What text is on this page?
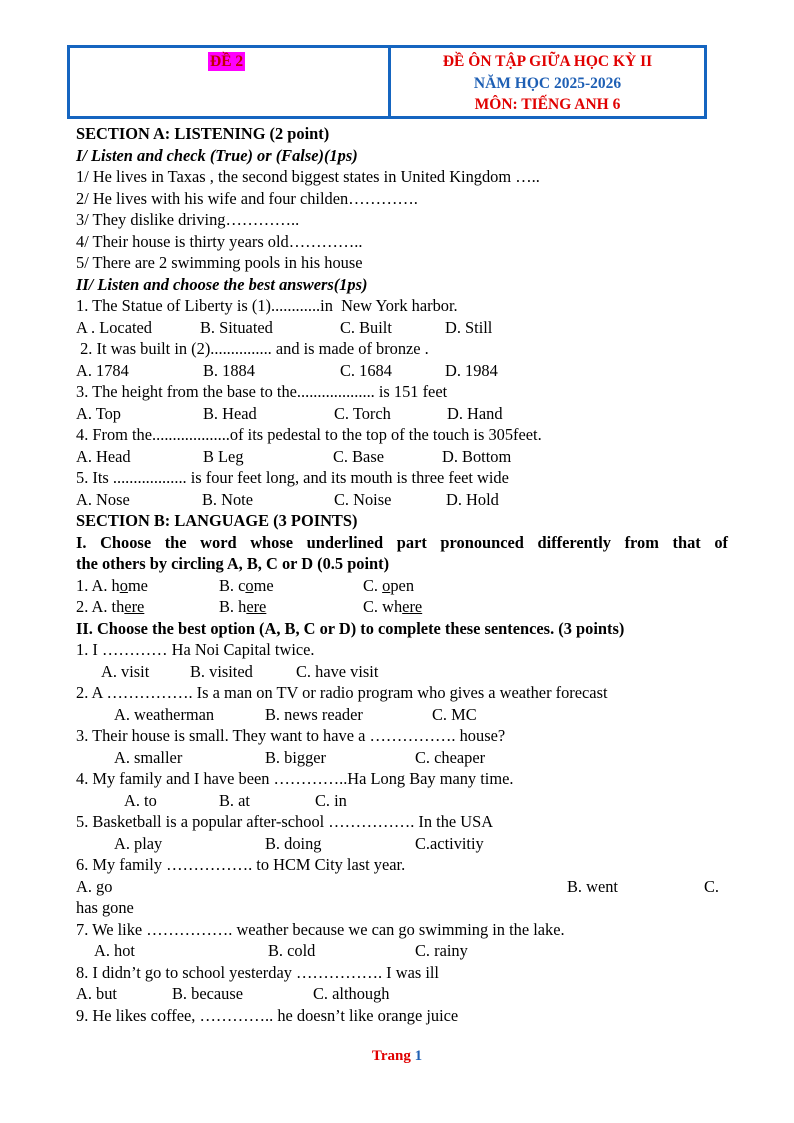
ĐỀ 2	ĐỀ ÔN TẬP GIỮA HỌC KỲ II
NĂM HỌC 2025-2026
MÔN: TIẾNG ANH 6
SECTION A: LISTENING (2 point)
I/ Listen and check (True) or (False)(1ps)
1/ He lives in Taxas , the second biggest states in United Kingdom …..
2/ He lives with his wife and four childen………….
3/ They dislike driving…………..
4/ Their house is thirty years old…………..
5/ There are 2 swimming pools in his house
II/ Listen and choose the best answers(1ps)
1. The Statue of Liberty is (1)............in  New York harbor.
A . Located	B. Situated	C. Built	D. Still
2. It was built in (2)............... and is made of bronze .
A. 1784	B. 1884	C. 1684	D. 1984
3. The height from the base to the................... is 151 feet
A. Top	B. Head	C. Torch	D. Hand
4. From the...................of its pedestal to the top of the touch is 305feet.
A. Head	B Leg	C. Base	D. Bottom
5. Its .................. is four feet long, and its mouth is three feet wide
A. Nose	B. Note	C. Noise	D. Hold
SECTION B: LANGUAGE (3 POINTS)
I. Choose the word whose underlined part pronounced differently from that of
the others by circling A, B, C or D (0.5 point)
1. A. home	B. come	C. open
2. A. there	B. here	C. where
II. Choose the best option (A, B, C or D) to complete these sentences. (3 points)
1. I ………… Ha Noi Capital twice.
A. visit B. visited	C. have visit
2. A ……………. Is a man on TV or radio program who gives a weather forecast
A. weatherman	B. news reader	C. MC
3. Their house is small. They want to have a ……………. house?
A. smaller	B. bigger	C. cheaper
4. My family and I have been …………..Ha Long Bay many time.
A. to	B. at	C. in
5. Basketball is a popular after-school ……………. In the USA
A. play	B. doing	C.activitiy
6. My family ……………. to HCM City last year.
A. go	B. went	C.
has gone
7. We like ……………. weather because we can go swimming in the lake.
A. hot	B. cold	C. rainy
8. I didn’t go to school yesterday ……………. I was ill
A. but	B. because	C. although
9. He likes coffee, ………….. he doesn’t like orange juice
Trang 1
